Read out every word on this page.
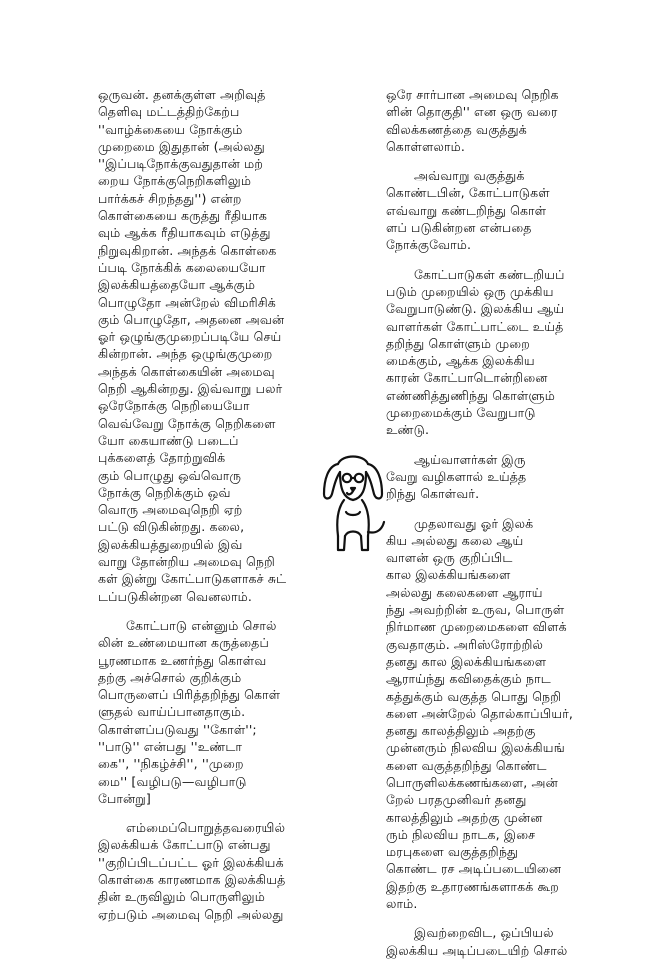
ஒருவன். தனக்குள்ள அறிவுத்
தெளிவு மட்டத்திற்கேற்ப
''வாழ்க்கையை நோக்கும்
முறைமை இதுதான் (அல்லது
''இப்படிநோக்குவதுதான் மற்
றைய நோக்குநெறிகளிலும்
பார்க்கச் சிறந்தது'') என்ற
கொள்கையை கருத்து ரீதியாக
வும் ஆக்க ரீதியாகவும் எடுத்து
நிறுவுகிறான். அந்தக் கொள்கை
ப்படி நோக்கிக் கலையையோ
இலக்கியத்தையோ ஆக்கும்
பொழுதோ அன்றேல் விமரிசிக்
கும் பொழுதோ, அதனை அவன்
ஓர் ஒழுங்குமுறைப்படியே செய்
கின்றான். அந்த ஒழுங்குமுறை
அந்தக் கொள்கையின் அமைவு
நெறி ஆகின்றது. இவ்வாறு பலர்
ஒரேநோக்கு நெறியையோ
வெவ்வேறு நோக்கு நெறிகளை
யோ கையாண்டு படைப்
புக்களைத் தோற்றுவிக்
கும் பொழுது ஒவ்வொரு
நோக்கு நெறிக்கும் ஒவ்
வொரு அமைவுநெறி ஏற்
பட்டு விடுகின்றது. கலை,
இலக்கியத்துறையில் இவ்
வாறு தோன்றிய அமைவு நெறி
கள் இன்று கோட்பாடுகளாகச் சுட்
டப்படுகின்றன வெனலாம்.
கோட்பாடு என்னும் சொல்
லின் உண்மையான கருத்தைப்
பூரணமாக உணர்ந்து கொள்வ
தற்கு அச்சொல் குறிக்கும்
பொருளைப் பிரித்தறிந்து கொள்
ளுதல் வாய்ப்பானதாகும்.
கொள்ளப்படுவது ''கோள்'';
''பாடு'' என்பது ''உண்டா
கை'', ''நிகழ்ச்சி'', ''முறை
மை'' [வழிபடு—வழிபாடு
போன்று]
எம்மைப்பொறுத்தவரையில்
இலக்கியக் கோட்பாடு என்பது
''குறிப்பிடப்பட்ட ஓர் இலக்கியக்
கொள்கை காரணமாக இலக்கியத்
தின் உருவிலும் பொருளிலும்
ஏற்படும் அமைவு நெறி அல்லது
ஒரே சார்பான அமைவு நெறிக
ளின் தொகுதி'' என ஒரு வரை
விலக்கணத்தை வகுத்துக்
கொள்ளலாம்.
அவ்வாறு வகுத்துக்
கொண்டபின், கோட்பாடுகள்
எவ்வாறு கண்டறிந்து கொள்
ளப் படுகின்றன என்பதை
நோக்குவோம்.
கோட்பாடுகள் கண்டறியப்
படும் முறையில் ஒரு முக்கிய
வேறுபாடுண்டு. இலக்கிய ஆய்
வாளர்கள் கோட்பாட்டை உய்த்
தறிந்து கொள்ளும் முறை
மைக்கும், ஆக்க இலக்கிய
காரன் கோட்பாடொன்றினை
எண்ணித்துணிந்து கொள்ளும்
முறைமைக்கும் வேறுபாடு
உண்டு.
ஆய்வாளர்கள் இரு
வேறு வழிகளால் உய்த்த
றிந்து கொள்வர்.
முதலாவது ஓர் இலக்
கிய அல்லது கலை ஆய்
வாளன் ஒரு குறிப்பிட
கால இலக்கியங்களை
அல்லது கலைகளை ஆராய்
ந்து அவற்றின் உருவ, பொருள்
நிர்மாண முறைமைகளை விளக்
குவதாகும். அரிஸ்ரோற்றில்
தனது கால இலக்கியங்களை
ஆராய்ந்து கவிதைக்கும் நாட
கத்துக்கும் வகுத்த பொது நெறி
களை அன்றேல் தொல்காப்பியர்,
தனது காலத்திலும் அதற்கு
முன்னரும் நிலவிய இலக்கியங்
களை வகுத்தறிந்து கொண்ட
பொருளிலக்கணங்களை, அன்
றேல் பரதமுனிவர் தனது
காலத்திலும் அதற்கு முன்ன
ரும் நிலவிய நாடக, இசை
மரபுகளை வகுத்தறிந்து
கொண்ட ரச அடிப்படையினை
இதற்கு உதாரணங்களாகக் கூற
லாம்.
இவற்றைவிட, ஒப்பியல்
இலக்கிய அடிப்படையிற் சொல்
